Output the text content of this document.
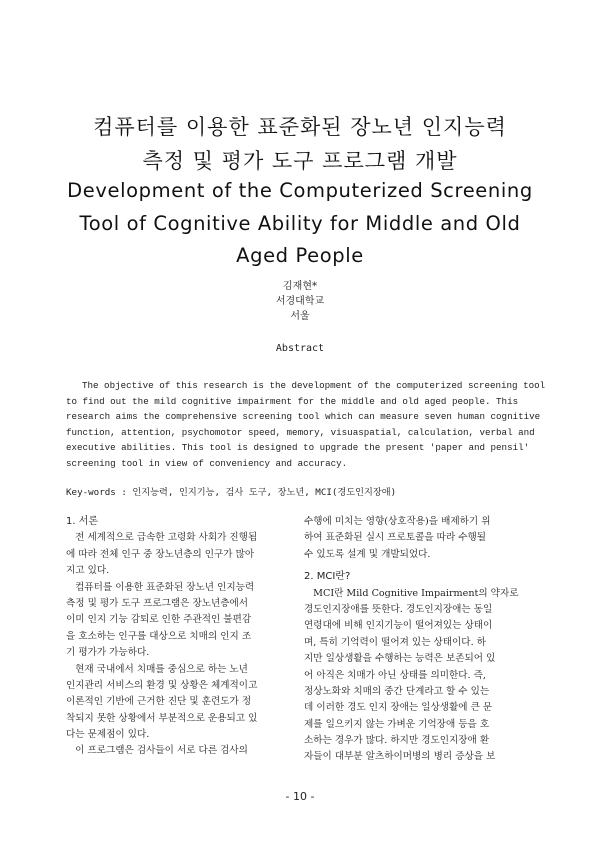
컴퓨터를 이용한 표준화된 장노년 인지능력
측정 및 평가 도구 프로그램 개발
Development of the Computerized Screening
Tool of Cognitive Ability for Middle and Old
Aged People
김재현*
서경대학교
서울
Abstract
The objective of this research is the development of the computerized screening tool
to find out the mild cognitive impairment for the middle and old aged people. This
research aims the comprehensive screening tool which can measure seven human cognitive
function, attention, psychomotor speed, memory, visuaspatial, calculation, verbal and
executive abilities. This tool is designed to upgrade the present 'paper and pensil'
screening tool in view of conveniency and accuracy.
Key-words : 인지능력, 인지기능, 검사 도구, 장노년, MCI(경도인지장애)
1. 서론
전 세계적으로 급속한 고령화 사회가 진행됨
에 따라 전체 인구 중 장노년층의 인구가 많아
지고 있다.
컴퓨터를 이용한 표준화된 장노년 인지능력
측정 및 평가 도구 프로그램은 장노년층에서
이미 인지 기능 감퇴로 인한 주관적인 불편감
을 호소하는 인구를 대상으로 치매의 인지 조
기 평가가 가능하다.
현재 국내에서 치매를 중심으로 하는 노년
인지관리 서비스의 환경 및 상황은 체계적이고
이론적인 기반에 근거한 진단 및 훈련도가 정
착되지 못한 상황에서 부분적으로 운용되고 있
다는 문제점이 있다.
이 프로그램은 검사들이 서로 다른 검사의
수행에 미치는 영향(상호작용)을 배제하기 위
하여 표준화된 실시 프로토콜을 따라 수행될
수 있도록 설계 및 개발되었다.
2. MCI란?
MCI란 Mild Cognitive Impairment의 약자로
경도인지장애를 뜻한다. 경도인지장애는 동일
연령대에 비해 인지기능이 떨어져있는 상태이
며, 특히 기억력이 떨어져 있는 상태이다. 하
지만 일상생활을 수행하는 능력은 보존되어 있
어 아직은 치매가 아닌 상태를 의미한다. 즉,
정상노화와 치매의 중간 단계라고 할 수 있는
데 이러한 경도 인지 장애는 일상생활에 큰 문
제를 일으키지 않는 가벼운 기억장애 등을 호
소하는 경우가 많다. 하지만 경도인지장애 환
자들이 대부분 알츠하이머병의 병리 증상을 보
- 10 -
